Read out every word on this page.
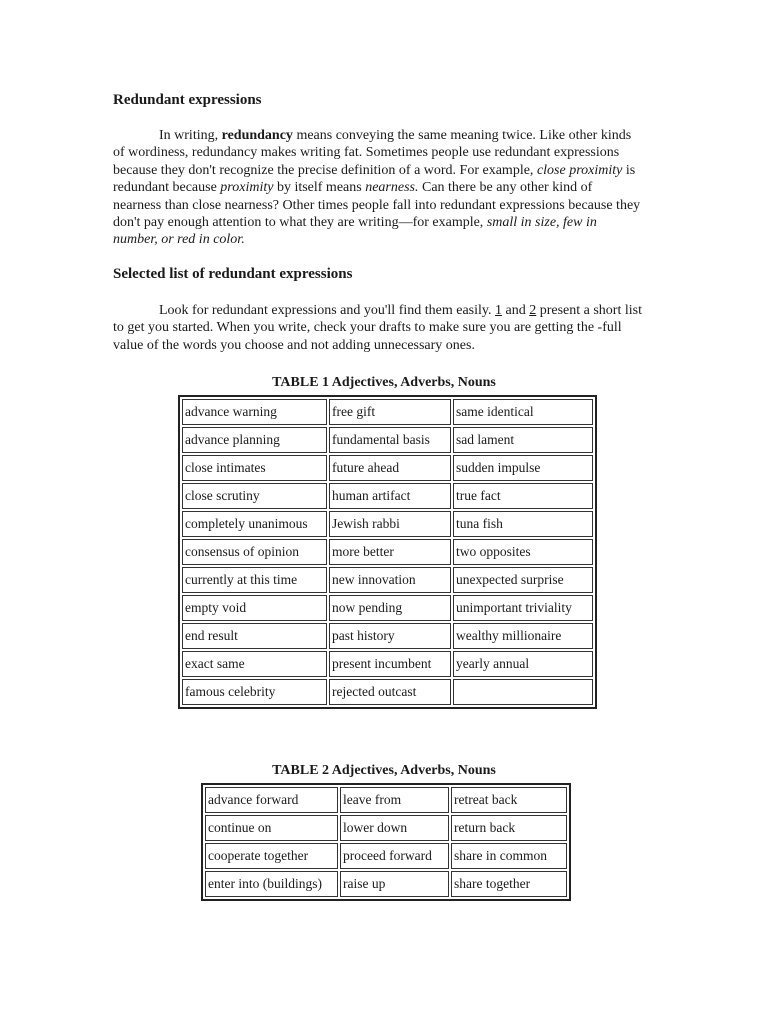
Redundant expressions

In writing, redundancy means conveying the same meaning twice. Like other kinds of wordiness, redundancy makes writing fat. Sometimes people use redundant expressions because they don't recognize the precise definition of a word. For example, close proximity is redundant because proximity by itself means nearness. Can there be any other kind of nearness than close nearness? Other times people fall into redundant expressions because they don't pay enough attention to what they are writing—for example, small in size, few in number, or red in color.

Selected list of redundant expressions

Look for redundant expressions and you'll find them easily. 1 and 2 present a short list to get you started. When you write, check your drafts to make sure you are getting the -full value of the words you choose and not adding unnecessary ones.

TABLE 1 Adjectives, Adverbs, Nouns
advance warning	free gift	same identical
advance planning	fundamental basis	sad lament
close intimates	future ahead	sudden impulse
close scrutiny	human artifact	true fact
completely unanimous	Jewish rabbi	tuna fish
consensus of opinion	more better	two opposites
currently at this time	new innovation	unexpected surprise
empty void	now pending	unimportant triviality
end result	past history	wealthy millionaire
exact same	present incumbent	yearly annual
famous celebrity	rejected outcast	
TABLE 2 Adjectives, Adverbs, Nouns
advance forward	leave from	retreat back
continue on	lower down	return back
cooperate together	proceed forward	share in common
enter into (buildings)	raise up	share together
